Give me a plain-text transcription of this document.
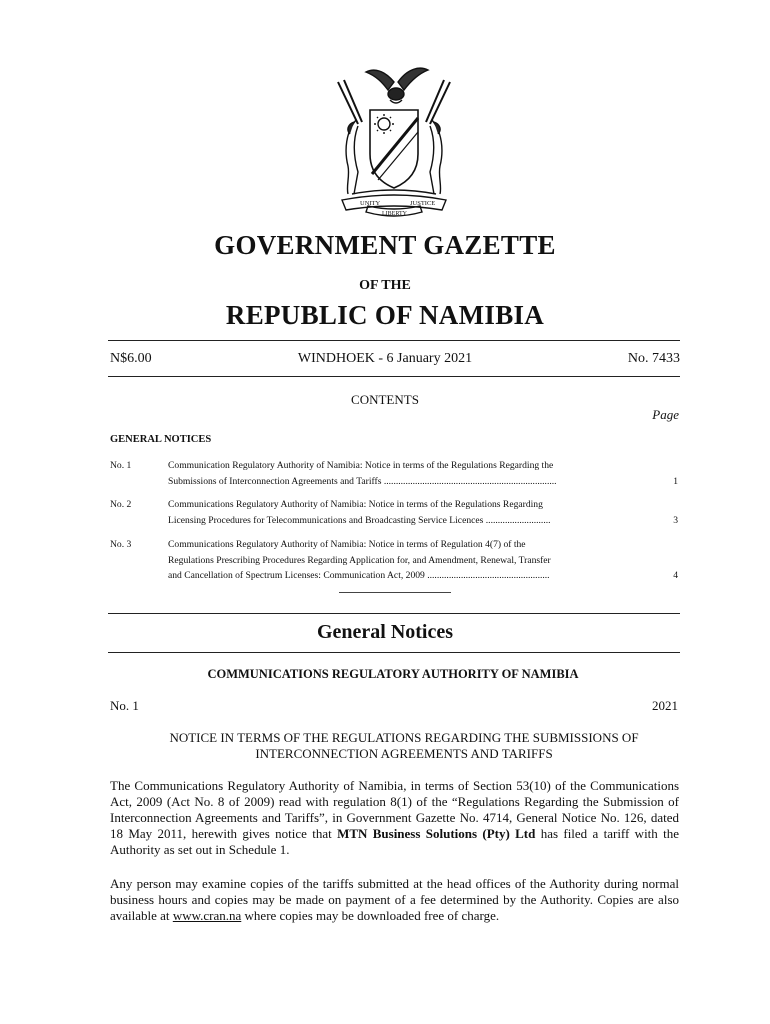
UNITY
LIBERTY
JUSTICE
GOVERNMENT GAZETTE
OF THE
REPUBLIC OF NAMIBIA
N$6.00	WINDHOEK - 6 January 2021	No. 7433
CONTENTS
Page
GENERAL NOTICES
No. 1	Communication Regulatory Authority of Namibia: Notice in terms of the Regulations Regarding the
Submissions of Interconnection Agreements and Tariffs ........................................................................	1
No. 2	Communications Regulatory Authority of Namibia: Notice in terms of the Regulations Regarding
Licensing Procedures for Telecommunications and Broadcasting Service Licences ...........................	3
No. 3	Communications Regulatory Authority of Namibia: Notice in terms of Regulation 4(7) of the
Regulations Prescribing Procedures Regarding Application for, and Amendment, Renewal, Transfer
and Cancellation of Spectrum Licenses: Communication Act, 2009 ...................................................	4
General Notices
COMMUNICATIONS REGULATORY AUTHORITY OF NAMIBIA
No. 1	2021
NOTICE IN TERMS OF THE REGULATIONS REGARDING THE SUBMISSIONS OF
INTERCONNECTION AGREEMENTS AND TARIFFS
The Communications Regulatory Authority of Namibia, in terms of Section 53(10) of the Communications Act, 2009 (Act No. 8 of 2009) read with regulation 8(1) of the “Regulations Regarding the Submission of Interconnection Agreements and Tariffs”, in Government Gazette No. 4714, General Notice No. 126, dated 18 May 2011, herewith gives notice that MTN Business Solutions (Pty) Ltd has filed a tariff with the Authority as set out in Schedule 1.
Any person may examine copies of the tariffs submitted at the head offices of the Authority during normal business hours and copies may be made on payment of a fee determined by the Authority. Copies are also available at www.cran.na where copies may be downloaded free of charge.
